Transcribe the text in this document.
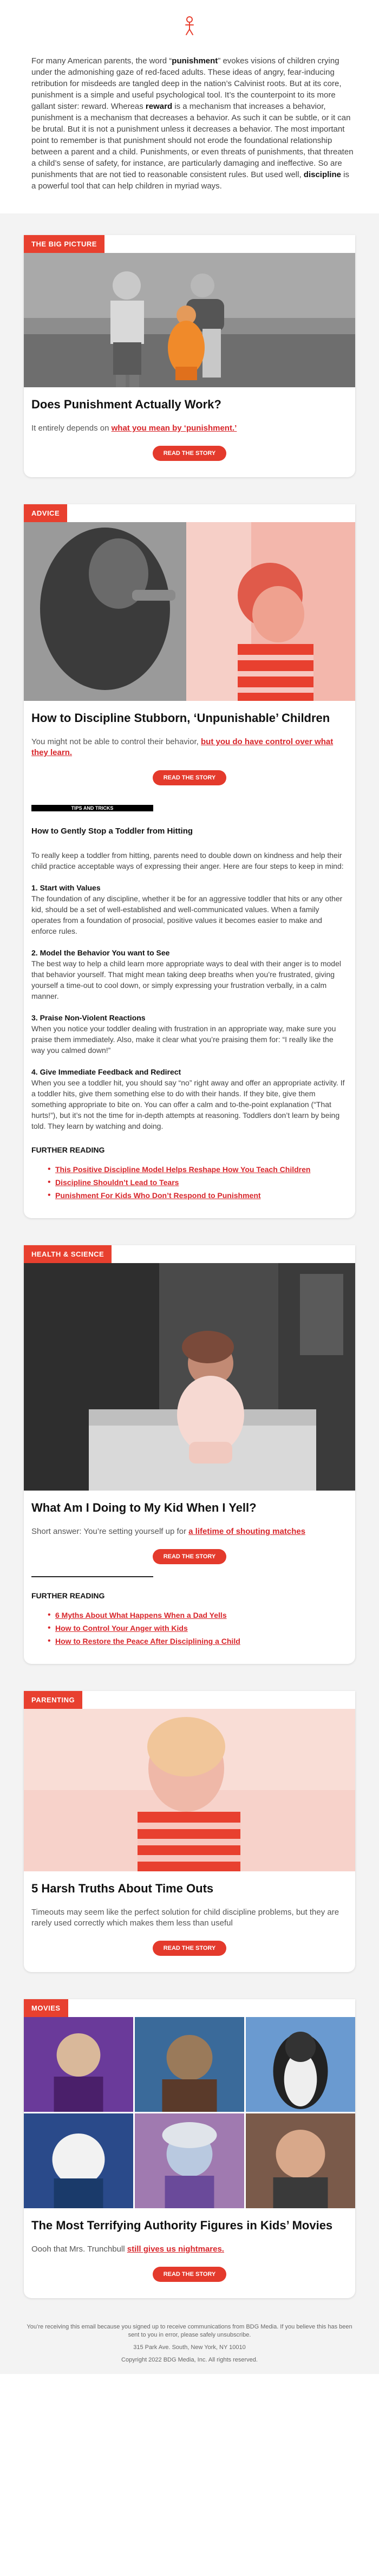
For many American parents, the word “punishment” evokes visions of children crying under the admonishing gaze of red-faced adults. These ideas of angry, fear-inducing retribution for misdeeds are tangled deep in the nation’s Calvinist roots. But at its core, punishment is a simple and useful psychological tool. It’s the counterpoint to its more gallant sister: reward. Whereas reward is a mechanism that increases a behavior, punishment is a mechanism that decreases a behavior. As such it can be subtle, or it can be brutal. But it is not a punishment unless it decreases a behavior. The most important point to remember is that punishment should not erode the foundational relationship between a parent and a child. Punishments, or even threats of punishments, that threaten a child’s sense of safety, for instance, are particularly damaging and ineffective. So are punishments that are not tied to reasonable consistent rules. But used well, discipline is a powerful tool that can help children in myriad ways.
THE BIG PICTURE
Does Punishment Actually Work?

It entirely depends on what you mean by ‘punishment.’

READ THE STORY
ADVICE
How to Discipline Stubborn, ‘Unpunishable’ Children

You might not be able to control their behavior, but you do have control over what they learn.

READ THE STORY
TIPS AND TRICKS
How to Gently Stop a Toddler from Hitting

To really keep a toddler from hitting, parents need to double down on kindness and help their child practice acceptable ways of expressing their anger. Here are four steps to keep in mind:

1. Start with Values
The foundation of any discipline, whether it be for an aggressive toddler that hits or any other kid, should be a set of well-established and well-communicated values. When a family operates from a foundation of prosocial, positive values it becomes easier to make and enforce rules.
2. Model the Behavior You want to See
The best way to help a child learn more appropriate ways to deal with their anger is to model that behavior yourself. That might mean taking deep breaths when you’re frustrated, giving yourself a time-out to cool down, or simply expressing your frustration verbally, in a calm manner.
3. Praise Non-Violent Reactions
When you notice your toddler dealing with frustration in an appropriate way, make sure you praise them immediately. Also, make it clear what you’re praising them for: “I really like the way you calmed down!”
4. Give Immediate Feedback and Redirect
When you see a toddler hit, you should say “no” right away and offer an appropriate activity. If a toddler hits, give them something else to do with their hands. If they bite, give them something appropriate to bite on. You can offer a calm and to-the-point explanation (“That hurts!”), but it’s not the time for in-depth attempts at reasoning. Toddlers don’t learn by being told. They learn by watching and doing.
FURTHER READING
• This Positive Discipline Model Helps Reshape How You Teach Children
• Discipline Shouldn’t Lead to Tears
• Punishment For Kids Who Don’t Respond to Punishment
HEALTH & SCIENCE
What Am I Doing to My Kid When I Yell?

Short answer: You’re setting yourself up for a lifetime of shouting matches

READ THE STORY
FURTHER READING
• 6 Myths About What Happens When a Dad Yells
• How to Control Your Anger with Kids
• How to Restore the Peace After Disciplining a Child
PARENTING
5 Harsh Truths About Time Outs

Timeouts may seem like the perfect solution for child discipline problems, but they are rarely used correctly which makes them less than useful

READ THE STORY
MOVIES
The Most Terrifying Authority Figures in Kids’ Movies

Oooh that Mrs. Trunchbull still gives us nightmares.

READ THE STORY

You’re receiving this email because you signed up to receive communications from BDG Media. If you believe this has been sent to you in error, please safely unsubscribe.

315 Park Ave. South, New York, NY 10010

Copyright 2022 BDG Media, Inc. All rights reserved.
